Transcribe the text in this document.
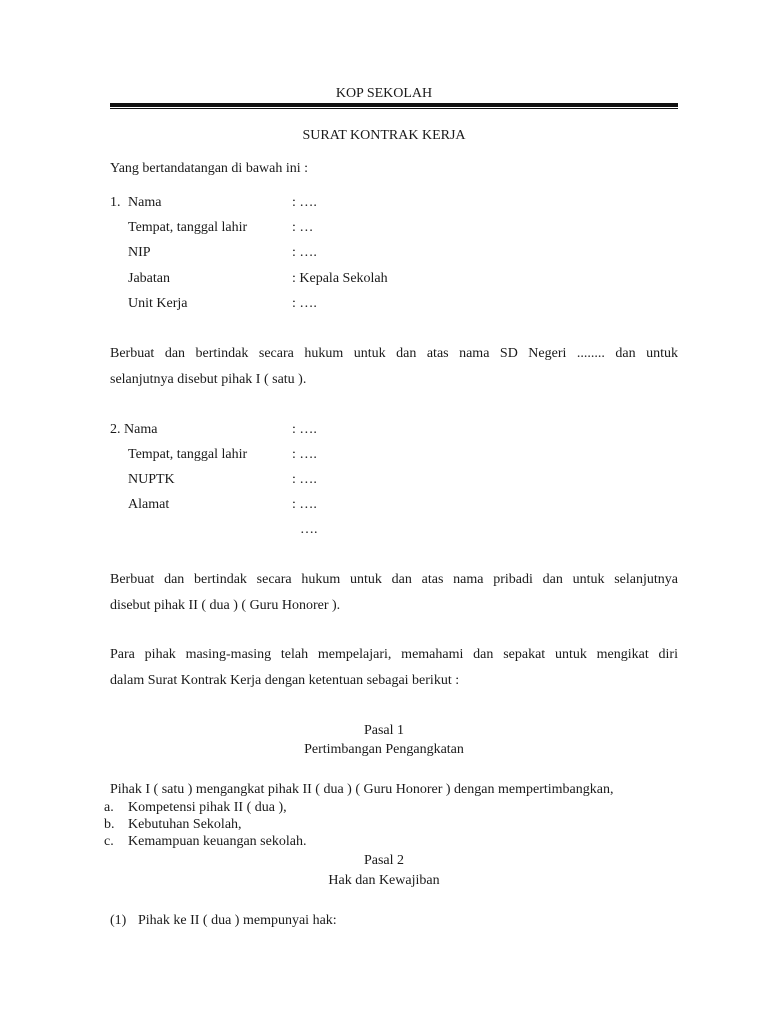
KOP SEKOLAH
SURAT KONTRAK KERJA
Yang bertandatangan di bawah ini :
1. Nama	: ….
Tempat, tanggal lahir	: …
NIP	: ….
Jabatan	: Kepala Sekolah
Unit Kerja	: ….
Berbuat dan bertindak secara hukum untuk dan atas nama SD Negeri ........ dan untuk
selanjutnya disebut pihak I ( satu ).
2. Nama	: ….
Tempat, tanggal lahir	: ….
NUPTK	: ….
Alamat	: ….
….
Berbuat dan bertindak secara hukum untuk dan atas nama pribadi dan untuk selanjutnya
disebut pihak II ( dua ) ( Guru Honorer ).
Para pihak masing-masing telah mempelajari, memahami dan sepakat untuk mengikat diri
dalam Surat Kontrak Kerja dengan ketentuan sebagai berikut :
Pasal 1
Pertimbangan Pengangkatan
Pihak I ( satu ) mengangkat pihak II ( dua ) ( Guru Honorer ) dengan mempertimbangkan,
a. Kompetensi pihak II ( dua ),
b. Kebutuhan Sekolah,
c. Kemampuan keuangan sekolah.
Pasal 2
Hak dan Kewajiban
(1) Pihak ke II ( dua ) mempunyai hak:
